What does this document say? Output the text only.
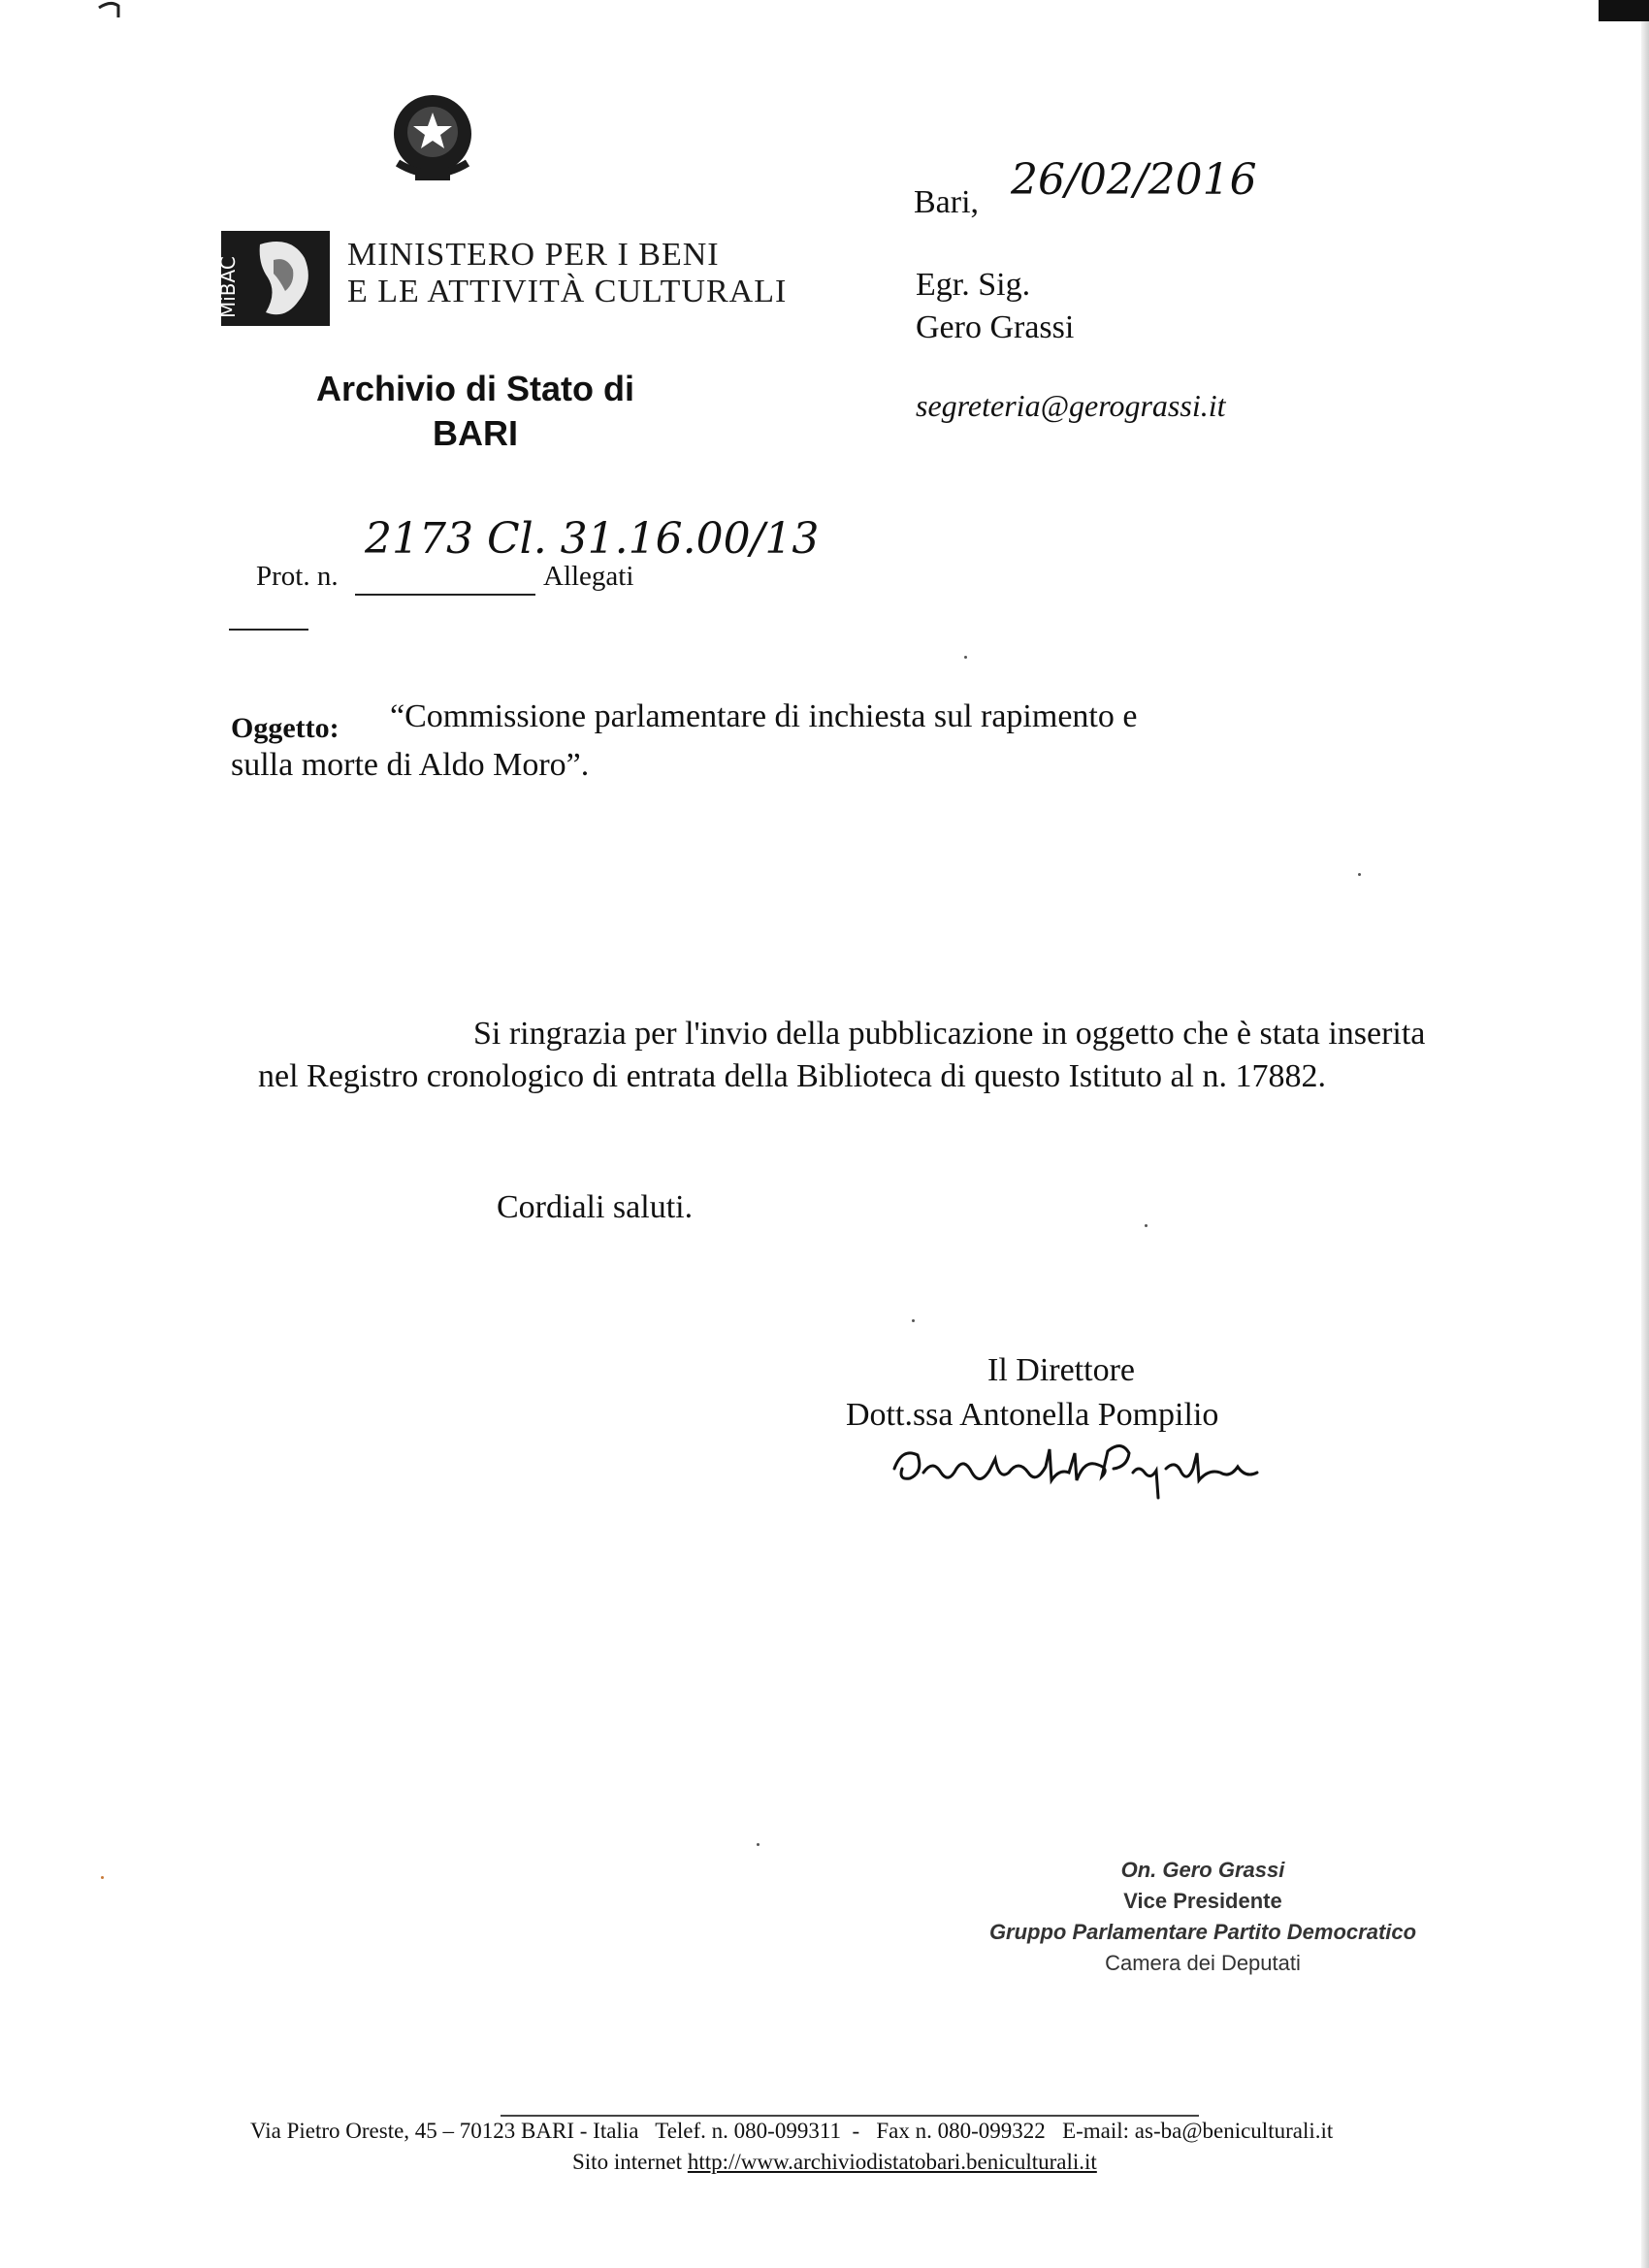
MiBAC
MINISTERO PER I BENI
E LE ATTIVITÀ CULTURALI
Archivio di Stato di
BARI
Bari, 26/02/2016
Egr. Sig.
Gero Grassi
segreteria@gerograssi.it
2173 Cl. 31.16.00/13
Prot. n.	Allegati
Oggetto: “Commissione parlamentare di inchiesta sul rapimento e
sulla morte di Aldo Moro”.
Si ringrazia per l'invio della pubblicazione in oggetto che è stata inserita nel Registro cronologico di entrata della Biblioteca di questo Istituto al n. 17882.
Cordiali saluti.
Il Direttore
Dott.ssa Antonella Pompilio
On. Gero Grassi
Vice Presidente
Gruppo Parlamentare Partito Democratico
Camera dei Deputati
Via Pietro Oreste, 45 – 70123 BARI - Italia Telef. n. 080-099311  -   Fax n. 080-099322 E-mail: as-ba@beniculturali.it
Sito internet http://www.archiviodistatobari.beniculturali.it
